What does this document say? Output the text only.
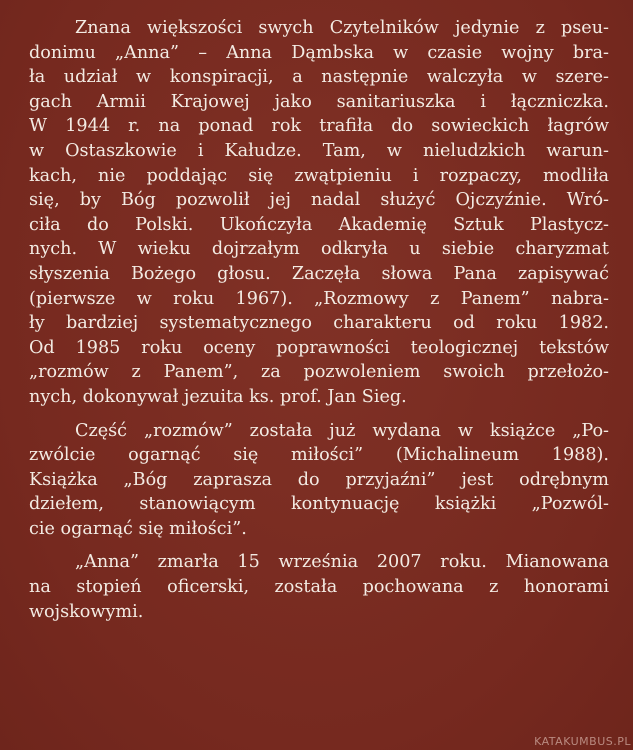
Znana większości swych Czytelników jedynie z pseu-
donimu „Anna” – Anna Dąmbska w czasie wojny bra-
ła udział w konspiracji, a następnie walczyła w szere-
gach Armii Krajowej jako sanitariuszka i łączniczka.
W 1944 r. na ponad rok trafiła do sowieckich łagrów
w Ostaszkowie i Kałudze. Tam, w nieludzkich warun-
kach, nie poddając się zwątpieniu i rozpaczy, modliła
się, by Bóg pozwolił jej nadal służyć Ojczyźnie. Wró-
ciła do Polski. Ukończyła Akademię Sztuk Plastycz-
nych. W wieku dojrzałym odkryła u siebie charyzmat
słyszenia Bożego głosu. Zaczęła słowa Pana zapisywać
(pierwsze w roku 1967). „Rozmowy z Panem” nabra-
ły bardziej systematycznego charakteru od roku 1982.
Od 1985 roku oceny poprawności teologicznej tekstów
„rozmów z Panem”, za pozwoleniem swoich przełożo-
nych, dokonywał jezuita ks. prof. Jan Sieg.
Część „rozmów” została już wydana w książce „Po-
zwólcie ogarnąć się miłości” (Michalineum 1988).
Książka „Bóg zaprasza do przyjaźni” jest odrębnym
dziełem, stanowiącym kontynuację książki „Pozwól-
cie ogarnąć się miłości”.
„Anna” zmarła 15 września 2007 roku. Mianowana
na stopień oficerski, została pochowana z honorami
wojskowymi.
KATAKUMBUS.PL
